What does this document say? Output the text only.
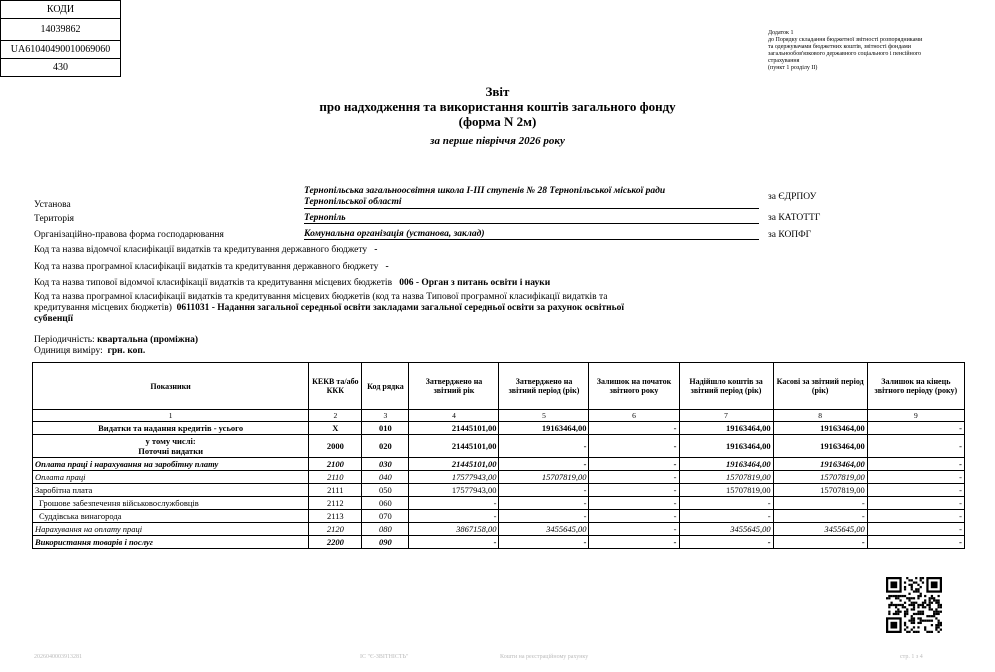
Додаток 1
до Порядку складання бюджетної звітності розпорядниками
та одержувачами бюджетних коштів, звітності фондами
загальнообов'язкового державного соціального і пенсійного
страхування
(пункт 1 розділу II)
Звіт
про надходження та використання коштів загального фонду
(форма N 2м)
за перше півріччя 2026 року
КОДИ
14039862
UA61040490010069060
430
за ЄДРПОУ
за КАТОТТГ
за КОПФГ
Установа
Тернопільська загальноосвітня школа І-ІІІ ступенів № 28 Тернопільської міської ради
Тернопільської області
Територія	Тернопіль
Організаційно-правова форма господарювання	Комунальна організація (установа, заклад)
Код та назва відомчої класифікації видатків та кредитування державного бюджету -
Код та назва програмної класифікації видатків та кредитування державного бюджету -
Код та назва типової відомчої класифікації видатків та кредитування місцевих бюджетів 006 - Орган з питань освіти і науки
Код та назва програмної класифікації видатків та кредитування місцевих бюджетів (код та назва Типової програмної класифікації видатків та
кредитування місцевих бюджетів) 0611031 - Надання загальної середньої освіти закладами загальної середньої освіти за рахунок освітньої
субвенції
Періодичність: квартальна (проміжна)
Одиниця виміру: грн. коп.
Показники	КЕКВ та/або ККК	Код рядка	Затверджено на звітний рік	Затверджено на звітний період (рік)	Залишок на початок звітного року	Надійшло коштів за звітний період (рік)	Касові за звітний період (рік)	Залишок на кінець звітного періоду (року)
1	2	3	4	5	6	7	8	9
Видатки та надання кредитів - усього	X	010	21445101,00	19163464,00	-	19163464,00	19163464,00	-

у тому числі:
Поточні видатки	2000	020	21445101,00	-	-	19163464,00	19163464,00	-
Оплата праці і нарахування на заробітну плату	2100	030	21445101,00	-	-	19163464,00	19163464,00	-
Оплата праці	2110	040	17577943,00	15707819,00	-	15707819,00	15707819,00	-
Заробітна плата	2111	050	17577943,00	-	-	15707819,00	15707819,00	-
Грошове забезпечення військовослужбовців	2112	060	-	-	-	-	-	-
Суддівська винагорода	2113	070	-	-	-	-	-	-
Нарахування на оплату праці	2120	080	3867158,00	3455645,00	-	3455645,00	3455645,00	-
Використання товарів і послуг	2200	090	-	-	-	-	-	-
2026040003913281	ІС "Є-ЗВІТНІСТЬ"	Кошти на реєстраційному рахунку	стр. 1 з 4
